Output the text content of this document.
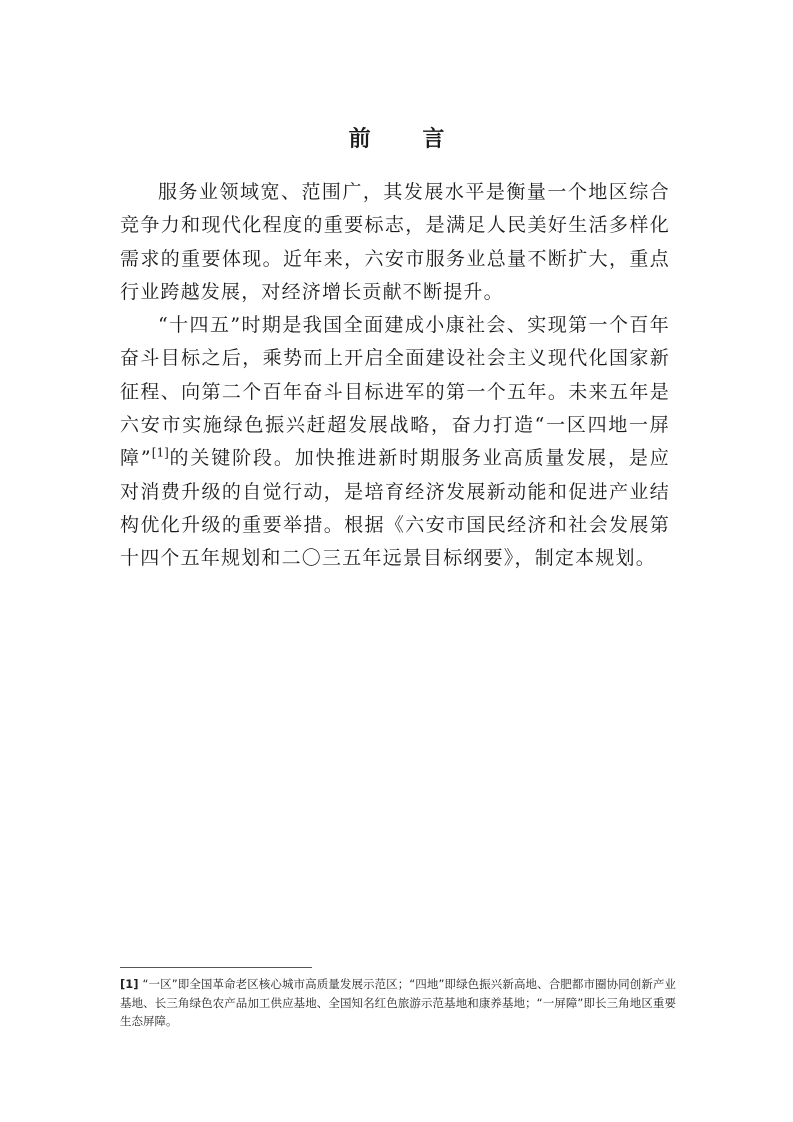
前 言

服务业领域宽、范围广，其发展水平是衡量一个地区综合竞争力和现代化程度的重要标志，是满足人民美好生活多样化需求的重要体现。近年来，六安市服务业总量不断扩大，重点行业跨越发展，对经济增长贡献不断提升。

“十四五”时期是我国全面建成小康社会、实现第一个百年奋斗目标之后，乘势而上开启全面建设社会主义现代化国家新征程、向第二个百年奋斗目标进军的第一个五年。未来五年是六安市实施绿色振兴赶超发展战略，奋力打造“一区四地一屏障”[1]的关键阶段。加快推进新时期服务业高质量发展，是应对消费升级的自觉行动，是培育经济发展新动能和促进产业结构优化升级的重要举措。根据《六安市国民经济和社会发展第十四个五年规划和二〇三五年远景目标纲要》，制定本规划。

[1] “一区”即全国革命老区核心城市高质量发展示范区；“四地”即绿色振兴新高地、合肥都市圈协同创新产业基地、长三角绿色农产品加工供应基地、全国知名红色旅游示范基地和康养基地；“一屏障”即长三角地区重要生态屏障。
